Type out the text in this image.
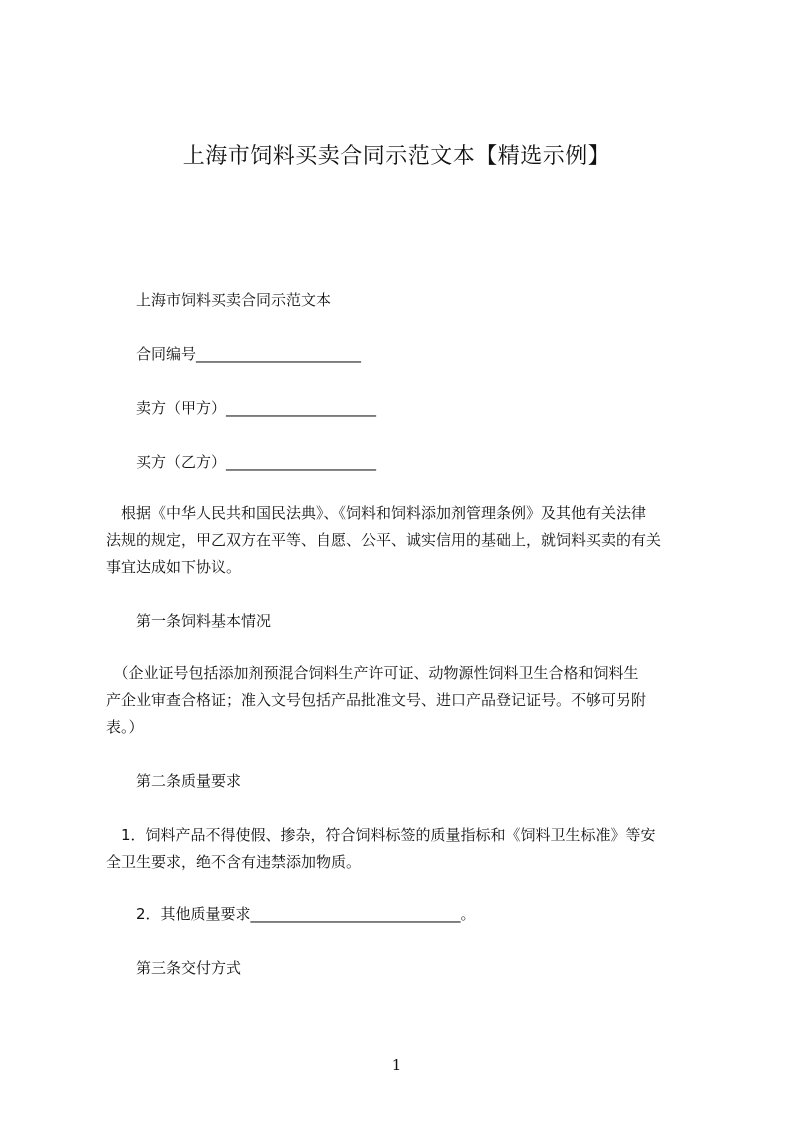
上海市饲料买卖合同示范文本【精选示例】
上海市饲料买卖合同示范文本
合同编号______________________
卖方（甲方）____________________
买方（乙方）____________________
　根据《中华人民共和国民法典》、《饲料和饲料添加剂管理条例》及其他有关法律
法规的规定，甲乙双方在平等、自愿、公平、诚实信用的基础上，就饲料买卖的有关
事宜达成如下协议。
第一条饲料基本情况
　（企业证号包括添加剂预混合饲料生产许可证、动物源性饲料卫生合格和饲料生
产企业审查合格证；准入文号包括产品批准文号、进口产品登记证号。不够可另附
表。）
第二条质量要求
　1．饲料产品不得使假、掺杂，符合饲料标签的质量指标和《饲料卫生标准》等安
全卫生要求，绝不含有违禁添加物质。
2．其他质量要求____________________________。
第三条交付方式
1
